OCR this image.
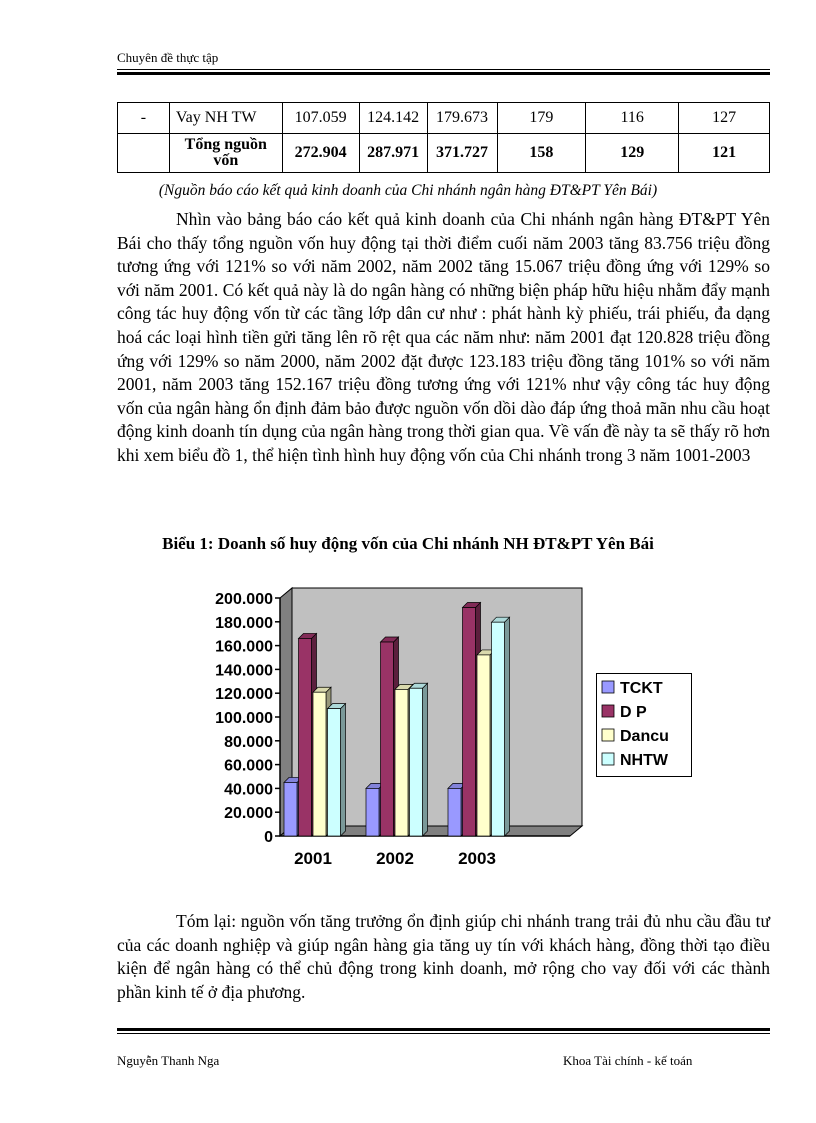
Chuyên đề thực tập
-	Vay NH TW	107.059	124.142	179.673	179	116	127
	Tổng nguồn vốn	272.904	287.971	371.727	158	129	121
(Nguồn báo cáo kết quả kinh doanh của Chi nhánh ngân hàng ĐT&PT Yên Bái)

Nhìn vào bảng báo cáo kết quả kinh doanh của Chi nhánh ngân hàng ĐT&PT Yên Bái cho thấy tổng nguồn vốn huy động tại thời điểm cuối năm 2003 tăng 83.756 triệu đồng tương ứng với 121% so với năm 2002, năm 2002 tăng 15.067 triệu đồng ứng với 129% so với năm 2001. Có kết quả này là do ngân hàng có những biện pháp hữu hiệu nhằm đẩy mạnh công tác huy động vốn từ các tầng lớp dân cư như : phát hành kỳ phiếu, trái phiếu, đa dạng hoá các loại hình tiền gửi tăng lên rõ rệt qua các năm như: năm 2001 đạt 120.828 triệu đồng ứng với 129% so năm 2000, năm 2002 đặt được 123.183 triệu đồng tăng 101% so với năm 2001, năm 2003 tăng 152.167 triệu đồng tương ứng với 121% như vậy công tác huy động vốn của ngân hàng ổn định đảm bảo được nguồn vốn dồi dào đáp ứng thoả mãn nhu cầu hoạt động kinh doanh tín dụng của ngân hàng trong thời gian qua. Về vấn đề này ta sẽ thấy rõ hơn khi xem biểu đồ 1, thể hiện tình hình huy động vốn của Chi nhánh trong 3 năm 1001-2003

Biểu 1: Doanh số huy động vốn của Chi nhánh NH ĐT&PT Yên Bái
0
20.000
40.000
60.000
80.000
100.000
120.000
140.000
160.000
180.000
200.000
2001	2002	2003

Tóm lại: nguồn vốn tăng trưởng ổn định giúp chi nhánh trang trải đủ nhu cầu đầu tư của các doanh nghiệp và giúp ngân hàng gia tăng uy tín với khách hàng, đồng thời tạo điều kiện để ngân hàng có thể chủ động trong kinh doanh, mở rộng cho vay đối với các thành phần kinh tế ở địa phương.

Nguyễn Thanh Nga	Khoa Tài chính - kế toán
TCKT
D P
Dancu
NHTW
